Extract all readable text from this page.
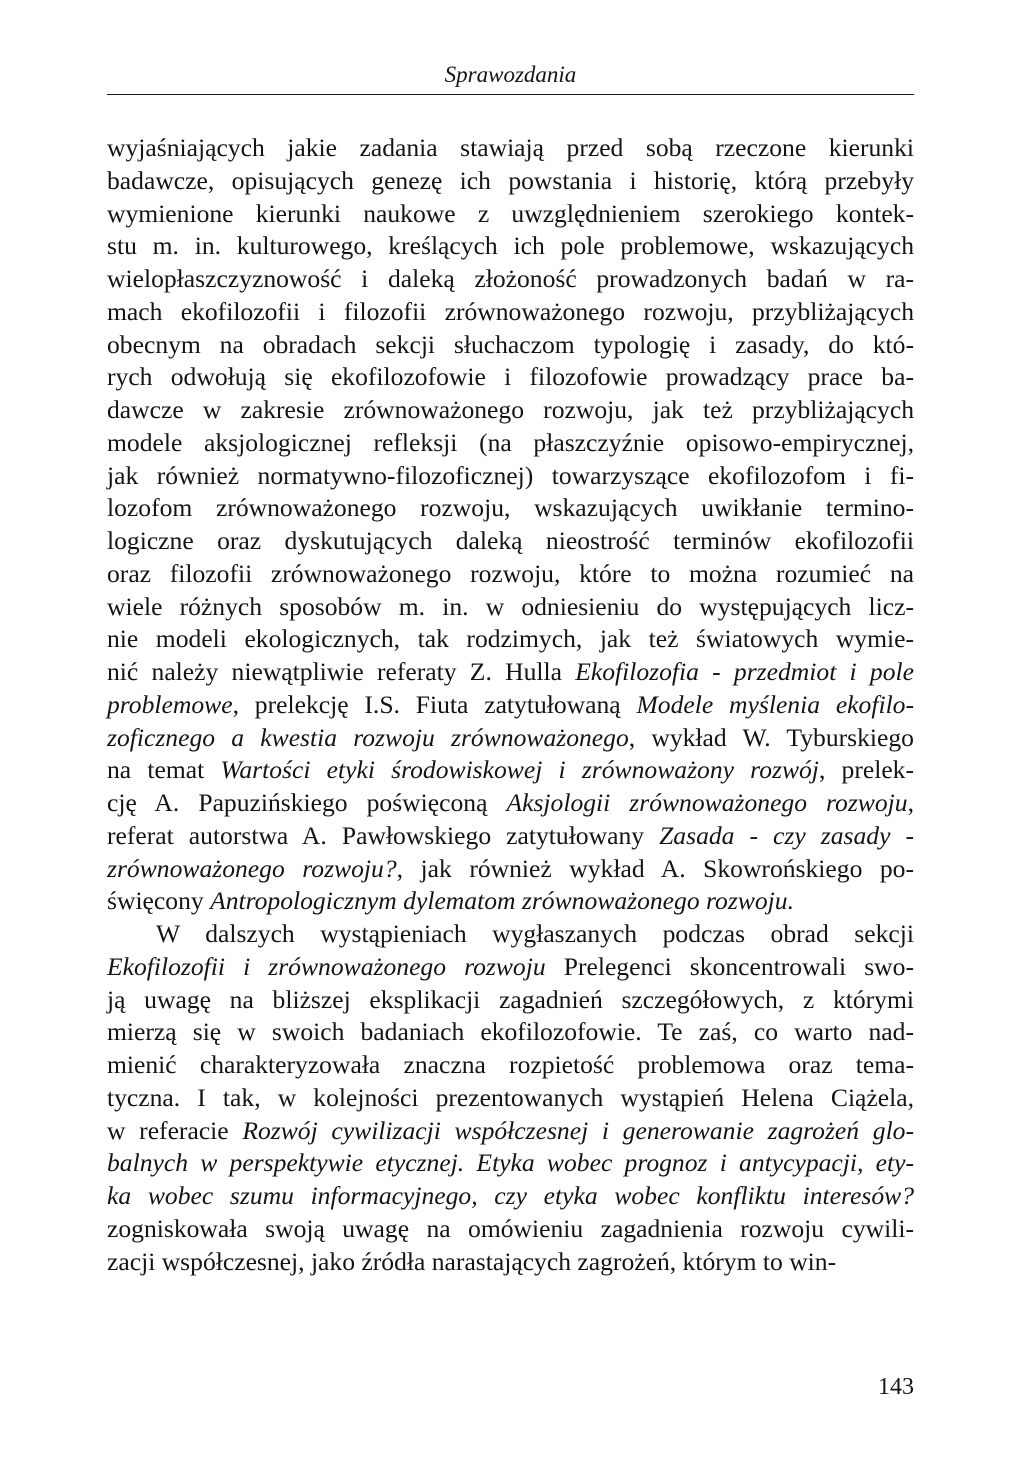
Sprawozdania
wyjaśniających jakie zadania stawiają przed sobą rzeczone kierunki
badawcze, opisujących genezę ich powstania i historię, którą przebyły
wymienione kierunki naukowe z uwzględnieniem szerokiego kontek-
stu m. in. kulturowego, kreślących ich pole problemowe, wskazujących
wielopłaszczyznowość i daleką złożoność prowadzonych badań w ra-
mach ekofilozofii i filozofii zrównoważonego rozwoju, przybliżających
obecnym na obradach sekcji słuchaczom typologię i zasady, do któ-
rych odwołują się ekofilozofowie i filozofowie prowadzący prace ba-
dawcze w zakresie zrównoważonego rozwoju, jak też przybliżających
modele aksjologicznej refleksji (na płaszczyźnie opisowo-empirycznej,
jak również normatywno-filozoficznej) towarzyszące ekofilozofom i fi-
lozofom zrównoważonego rozwoju, wskazujących uwikłanie termino-
logiczne oraz dyskutujących daleką nieostrość terminów ekofilozofii
oraz filozofii zrównoważonego rozwoju, które to można rozumieć na
wiele różnych sposobów m. in. w odniesieniu do występujących licz-
nie modeli ekologicznych, tak rodzimych, jak też światowych wymie-
nić należy niewątpliwie referaty Z. Hulla Ekofilozofia - przedmiot i pole
problemowe, prelekcję I.S. Fiuta zatytułowaną Modele myślenia ekofilo-
zoficznego a kwestia rozwoju zrównoważonego, wykład W. Tyburskiego
na temat Wartości etyki środowiskowej i zrównoważony rozwój, prelek-
cję A. Papuzińskiego poświęconą Aksjologii zrównoważonego rozwoju,
referat autorstwa A. Pawłowskiego zatytułowany Zasada - czy zasady -
zrównoważonego rozwoju?, jak również wykład A. Skowrońskiego po-
święcony Antropologicznym dylematom zrównoważonego rozwoju.
W dalszych wystąpieniach wygłaszanych podczas obrad sekcji
Ekofilozofii i zrównoważonego rozwoju Prelegenci skoncentrowali swo-
ją uwagę na bliższej eksplikacji zagadnień szczegółowych, z którymi
mierzą się w swoich badaniach ekofilozofowie. Te zaś, co warto nad-
mienić charakteryzowała znaczna rozpietość problemowa oraz tema-
tyczna. I tak, w kolejności prezentowanych wystąpień Helena Ciążela,
w referacie Rozwój cywilizacji współczesnej i generowanie zagrożeń glo-
balnych w perspektywie etycznej. Etyka wobec prognoz i antycypacji, ety-
ka wobec szumu informacyjnego, czy etyka wobec konfliktu interesów?
zogniskowała swoją uwagę na omówieniu zagadnienia rozwoju cywili-
zacji współczesnej, jako źródła narastających zagrożeń, którym to win-
143
